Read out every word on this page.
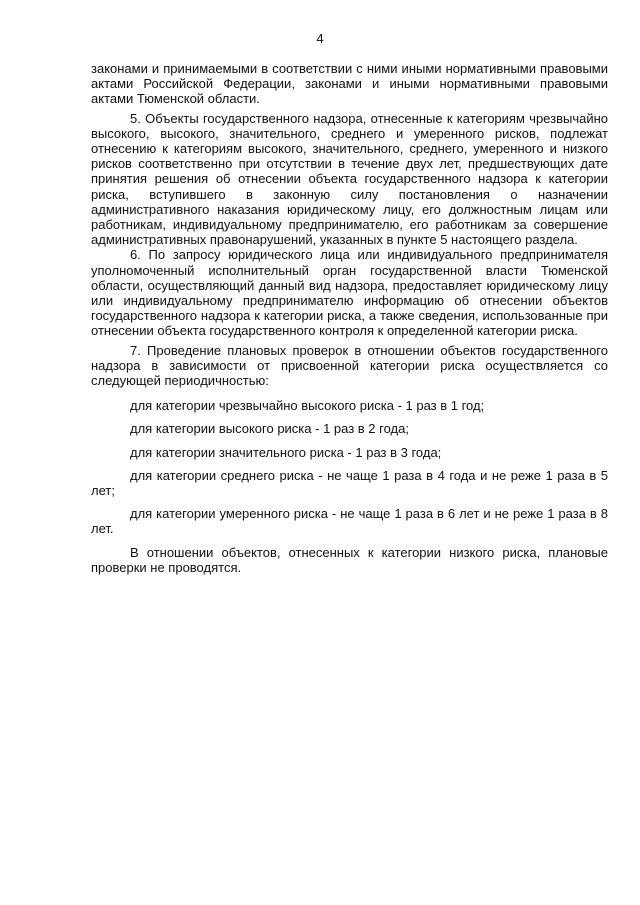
4

законами и принимаемыми в соответствии с ними иными нормативными правовыми актами Российской Федерации, законами и иными нормативными правовыми актами Тюменской области.

5. Объекты государственного надзора, отнесенные к категориям чрезвычайно высокого, высокого, значительного, среднего и умеренного рисков, подлежат отнесению к категориям высокого, значительного, среднего, умеренного и низкого рисков соответственно при отсутствии в течение двух лет, предшествующих дате принятия решения об отнесении объекта государственного надзора к категории риска, вступившего в законную силу постановления о назначении административного наказания юридическому лицу, его должностным лицам или работникам, индивидуальному предпринимателю, его работникам за совершение административных правонарушений, указанных в пункте 5 настоящего раздела.

6. По запросу юридического лица или индивидуального предпринимателя уполномоченный исполнительный орган государственной власти Тюменской области, осуществляющий данный вид надзора, предоставляет юридическому лицу или индивидуальному предпринимателю информацию об отнесении объектов государственного надзора к категории риска, а также сведения, использованные при отнесении объекта государственного контроля к определенной категории риска.

7. Проведение плановых проверок в отношении объектов государственного надзора в зависимости от присвоенной категории риска осуществляется со следующей периодичностью:

для категории чрезвычайно высокого риска - 1 раз в 1 год;

для категории высокого риска - 1 раз в 2 года;

для категории значительного риска - 1 раз в 3 года;

для категории среднего риска - не чаще 1 раза в 4 года и не реже 1 раза в 5 лет;

для категории умеренного риска - не чаще 1 раза в 6 лет и не реже 1 раза в 8 лет.

В отношении объектов, отнесенных к категории низкого риска, плановые проверки не проводятся.
